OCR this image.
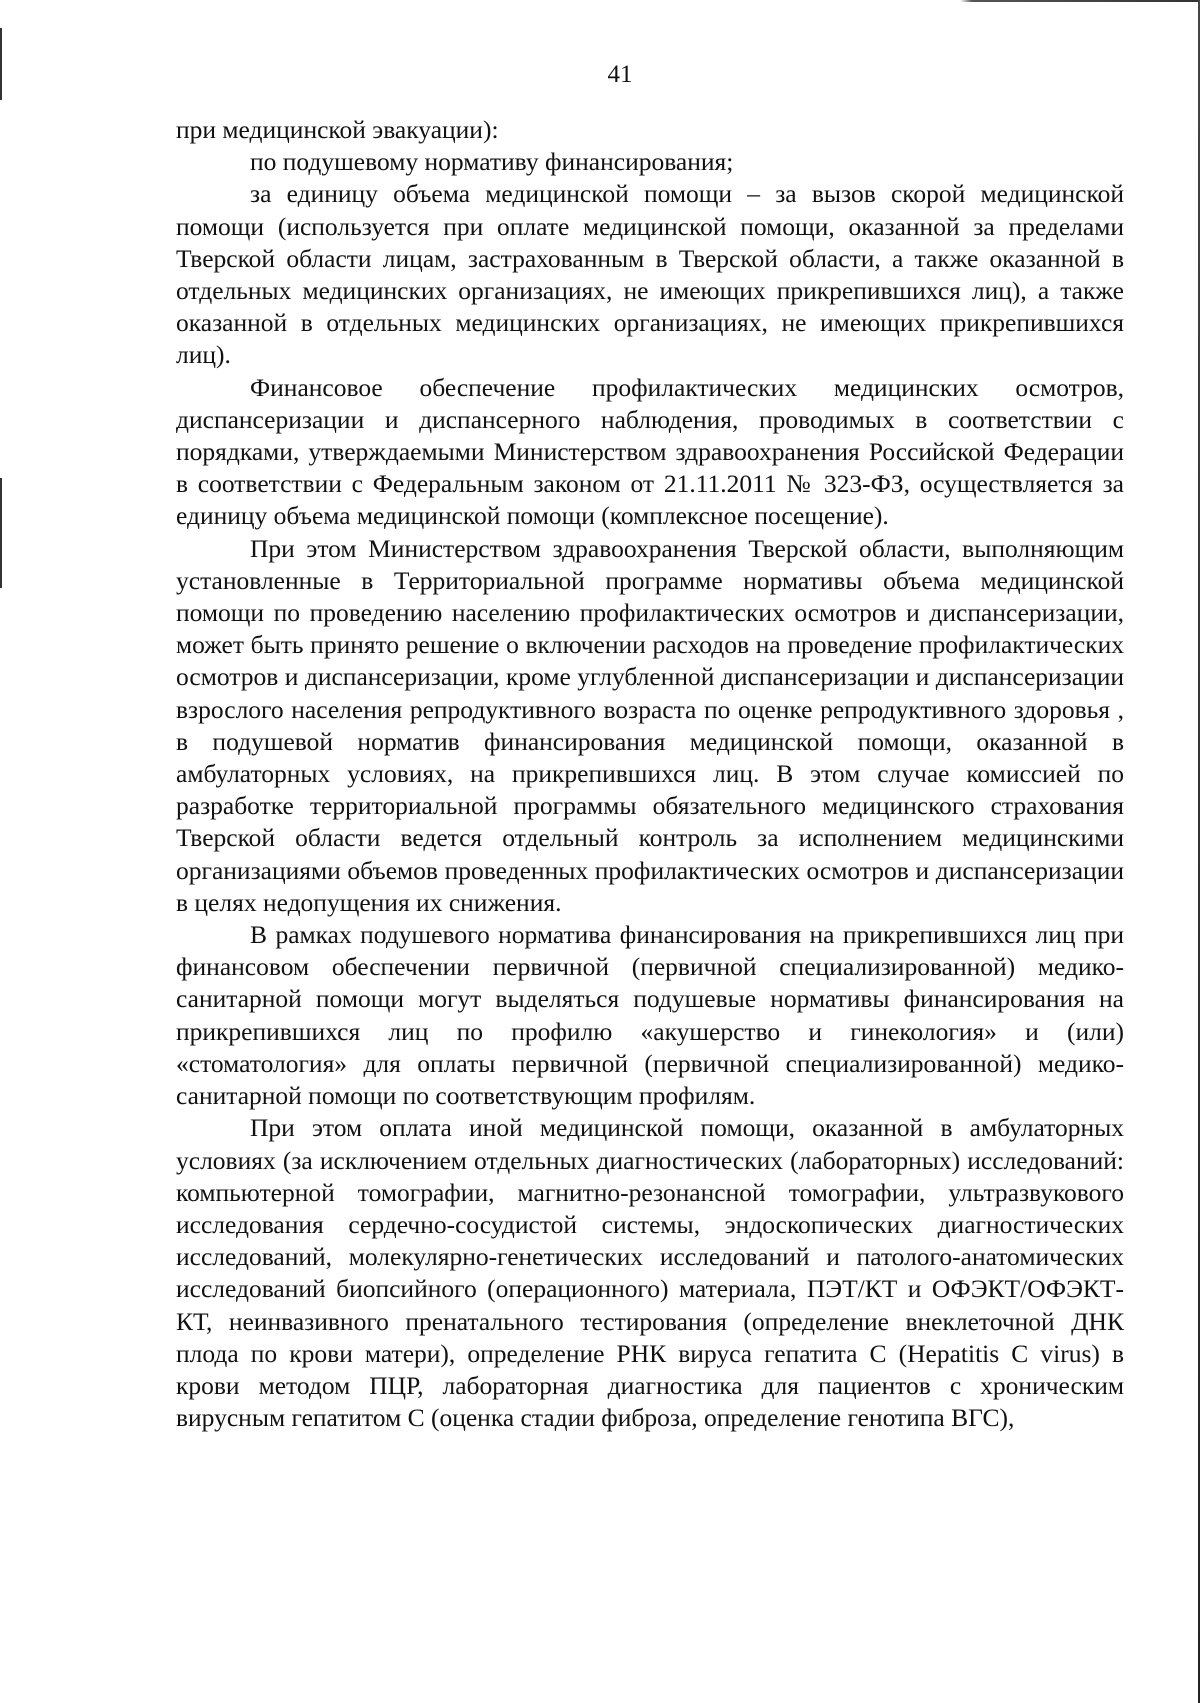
41

при медицинской эвакуации):

по подушевому нормативу финансирования;

за единицу объема медицинской помощи – за вызов скорой медицинской помощи (используется при оплате медицинской помощи, оказанной за пределами Тверской области лицам, застрахованным в Тверской области, а также оказанной в отдельных медицинских организациях, не имеющих прикрепившихся лиц), а также оказанной в отдельных медицинских организациях, не имеющих прикрепившихся лиц).

Финансовое обеспечение профилактических медицинских осмотров, диспансеризации и диспансерного наблюдения, проводимых в соответствии с порядками, утверждаемыми Министерством здравоохранения Российской Федерации в соответствии с Федеральным законом от 21.11.2011 № 323-ФЗ, осуществляется за единицу объема медицинской помощи (комплексное посещение).

При этом Министерством здравоохранения Тверской области, выполняющим установленные в Территориальной программе нормативы объема медицинской помощи по проведению населению профилактических осмотров и диспансеризации, может быть принято решение о включении расходов на проведение профилактических осмотров и диспансеризации, кроме углубленной диспансеризации и диспансеризации взрослого населения репродуктивного возраста по оценке репродуктивного здоровья , в подушевой норматив финансирования медицинской помощи, оказанной в амбулаторных условиях, на прикрепившихся лиц. В этом случае комиссией по разработке территориальной программы обязательного медицинского страхования Тверской области ведется отдельный контроль за исполнением медицинскими организациями объемов проведенных профилактических осмотров и диспансеризации в целях недопущения их снижения.

В рамках подушевого норматива финансирования на прикрепившихся лиц при финансовом обеспечении первичной (первичной специализированной) медико-санитарной помощи могут выделяться подушевые нормативы финансирования на прикрепившихся лиц по профилю «акушерство и гинекология» и (или) «стоматология» для оплаты первичной (первичной специализированной) медико-санитарной помощи по соответствующим профилям.

При этом оплата иной медицинской помощи, оказанной в амбулаторных условиях (за исключением отдельных диагностических (лабораторных) исследований: компьютерной томографии, магнитно-резонансной томографии, ультразвукового исследования сердечно-сосудистой системы, эндоскопических диагностических исследований, молекулярно-генетических исследований и патолого-анатомических исследований биопсийного (операционного) материала, ПЭТ/КТ и ОФЭКТ/ОФЭКТ-КТ, неинвазивного пренатального тестирования (определение внеклеточной ДНК плода по крови матери), определение РНК вируса гепатита С (Hepatitis C virus) в крови методом ПЦР, лабораторная диагностика для пациентов с хроническим вирусным гепатитом С (оценка стадии фиброза, определение генотипа ВГС),
